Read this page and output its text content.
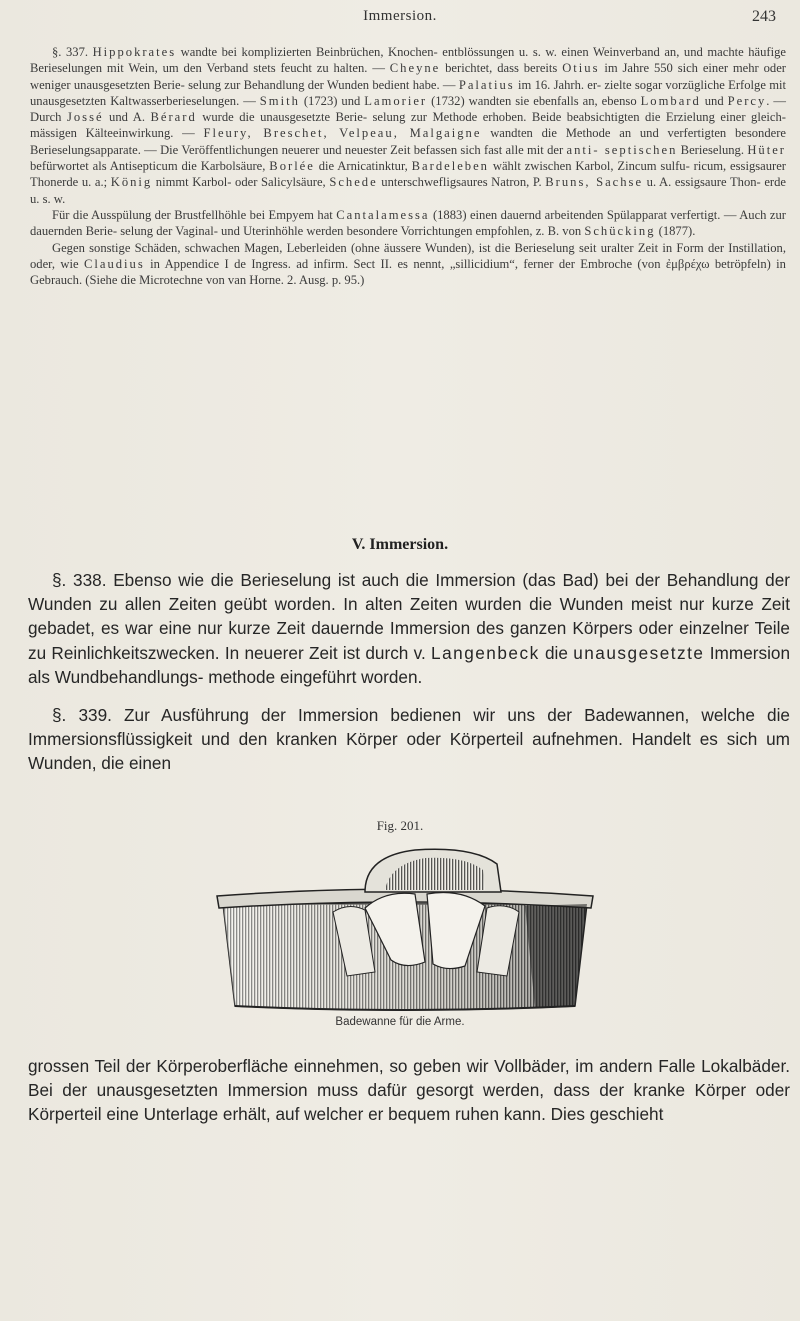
Immersion.	243

§. 337. Hippokrates wandte bei komplizierten Beinbrüchen, Knochen- entblössungen u. s. w. einen Weinverband an, und machte häufige Berieselungen mit Wein, um den Verband stets feucht zu halten. — Cheyne berichtet, dass bereits Otius im Jahre 550 sich einer mehr oder weniger unausgesetzten Berie- selung zur Behandlung der Wunden bedient habe. — Palatius im 16. Jahrh. er- zielte sogar vorzügliche Erfolge mit unausgesetzten Kaltwasserberieselungen. — Smith (1723) und Lamorier (1732) wandten sie ebenfalls an, ebenso Lombard und Percy. — Durch Jossé und A. Bérard wurde die unausgesetzte Berie- selung zur Methode erhoben. Beide beabsichtigten die Erzielung einer gleich- mässigen Kälteeinwirkung. — Fleury, Breschet, Velpeau, Malgaigne wandten die Methode an und verfertigten besondere Berieselungsapparate. — Die Veröffentlichungen neuerer und neuester Zeit befassen sich fast alle mit der anti- septischen Berieselung. Hüter befürwortet als Antisepticum die Karbolsäure, Borlée die Arnicatinktur, Bardeleben wählt zwischen Karbol, Zincum sulfu- ricum, essigsaurer Thonerde u. a.; König nimmt Karbol- oder Salicylsäure, Schede unterschwefligsaures Natron, P. Bruns, Sachse u. A. essigsaure Thon- erde u. s. w.

Für die Ausspülung der Brustfellhöhle bei Empyem hat Cantalamessa (1883) einen dauernd arbeitenden Spülapparat verfertigt. — Auch zur dauernden Berie- selung der Vaginal- und Uterinhöhle werden besondere Vorrichtungen empfohlen, z. B. von Schücking (1877).

Gegen sonstige Schäden, schwachen Magen, Leberleiden (ohne äussere Wunden), ist die Berieselung seit uralter Zeit in Form der Instillation, oder, wie Claudius in Appendice I de Ingress. ad infirm. Sect II. es nennt, „sillicidium“, ferner der Embroche (von ἐμβρέχω betröpfeln) in Gebrauch. (Siehe die Microtechne von van Horne. 2. Ausg. p. 95.)

V. Immersion.

§. 338. Ebenso wie die Berieselung ist auch die Immersion (das Bad) bei der Behandlung der Wunden zu allen Zeiten geübt worden. In alten Zeiten wurden die Wunden meist nur kurze Zeit gebadet, es war eine nur kurze Zeit dauernde Immersion des ganzen Körpers oder einzelner Teile zu Reinlichkeitszwecken. In neuerer Zeit ist durch v. Langenbeck die unausgesetzte Immersion als Wundbehandlungs- methode eingeführt worden.

§. 339. Zur Ausführung der Immersion bedienen wir uns der Badewannen, welche die Immersionsflüssigkeit und den kranken Körper oder Körperteil aufnehmen. Handelt es sich um Wunden, die einen

Fig. 201.
Badewanne für die Arme.

grossen Teil der Körperoberfläche einnehmen, so geben wir Vollbäder, im andern Falle Lokalbäder. Bei der unausgesetzten Immersion muss dafür gesorgt werden, dass der kranke Körper oder Körperteil eine Unterlage erhält, auf welcher er bequem ruhen kann. Dies geschieht
